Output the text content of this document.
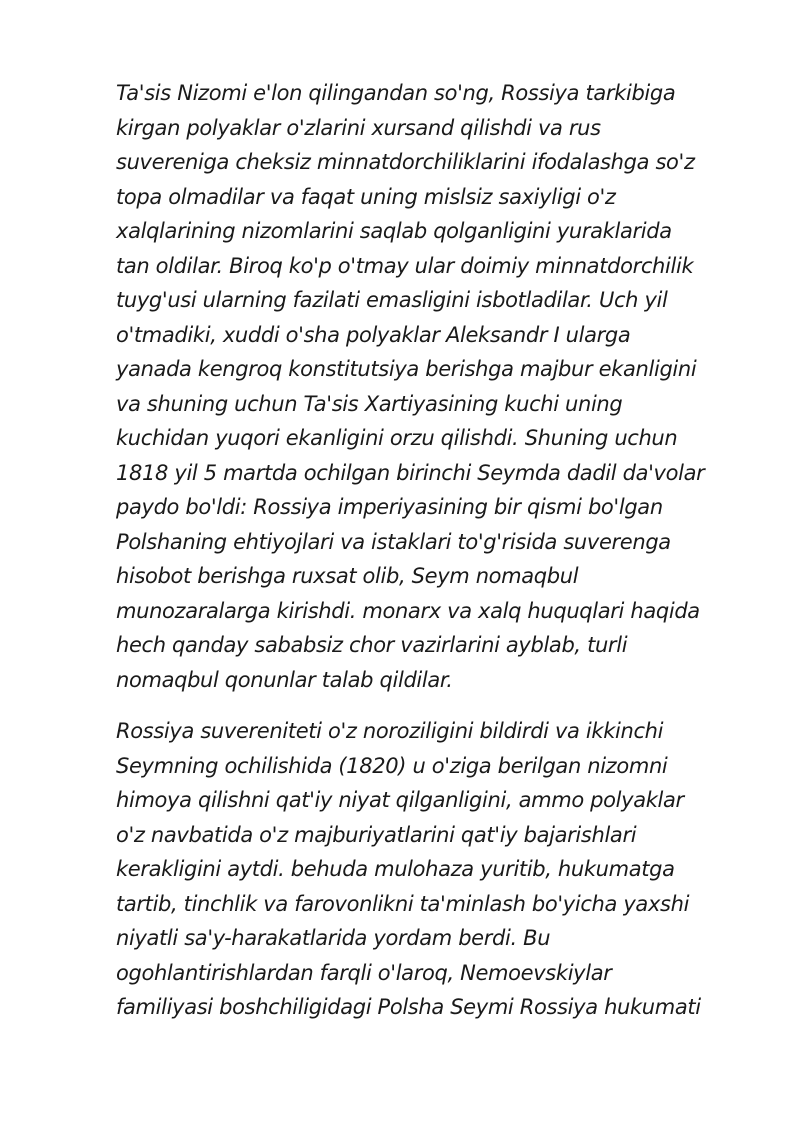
Ta'sis Nizomi e'lon qilingandan so'ng, Rossiya tarkibiga
kirgan polyaklar o'zlarini xursand qilishdi va rus
suvereniga cheksiz minnatdorchiliklarini ifodalashga so'z
topa olmadilar va faqat uning mislsiz saxiyligi o'z
xalqlarining nizomlarini saqlab qolganligini yuraklarida
tan oldilar. Biroq ko'p o'tmay ular doimiy minnatdorchilik
tuyg'usi ularning fazilati emasligini isbotladilar. Uch yil
o'tmadiki, xuddi o'sha polyaklar Aleksandr I ularga
yanada kengroq konstitutsiya berishga majbur ekanligini
va shuning uchun Ta'sis Xartiyasining kuchi uning
kuchidan yuqori ekanligini orzu qilishdi. Shuning uchun
1818 yil 5 martda ochilgan birinchi Seymda dadil da'volar
paydo bo'ldi: Rossiya imperiyasining bir qismi bo'lgan
Polshaning ehtiyojlari va istaklari to'g'risida suverenga
hisobot berishga ruxsat olib, Seym nomaqbul
munozaralarga kirishdi. monarx va xalq huquqlari haqida
hech qanday sababsiz chor vazirlarini ayblab, turli
nomaqbul qonunlar talab qildilar.

Rossiya suvereniteti o'z noroziligini bildirdi va ikkinchi
Seymning ochilishida (1820) u o'ziga berilgan nizomni
himoya qilishni qat'iy niyat qilganligini, ammo polyaklar
o'z navbatida o'z majburiyatlarini qat'iy bajarishlari
kerakligini aytdi. behuda mulohaza yuritib, hukumatga
tartib, tinchlik va farovonlikni ta'minlash bo'yicha yaxshi
niyatli sa'y-harakatlarida yordam berdi. Bu
ogohlantirishlardan farqli o'laroq, Nemoevskiylar
familiyasi boshchiligidagi Polsha Seymi Rossiya hukumati
